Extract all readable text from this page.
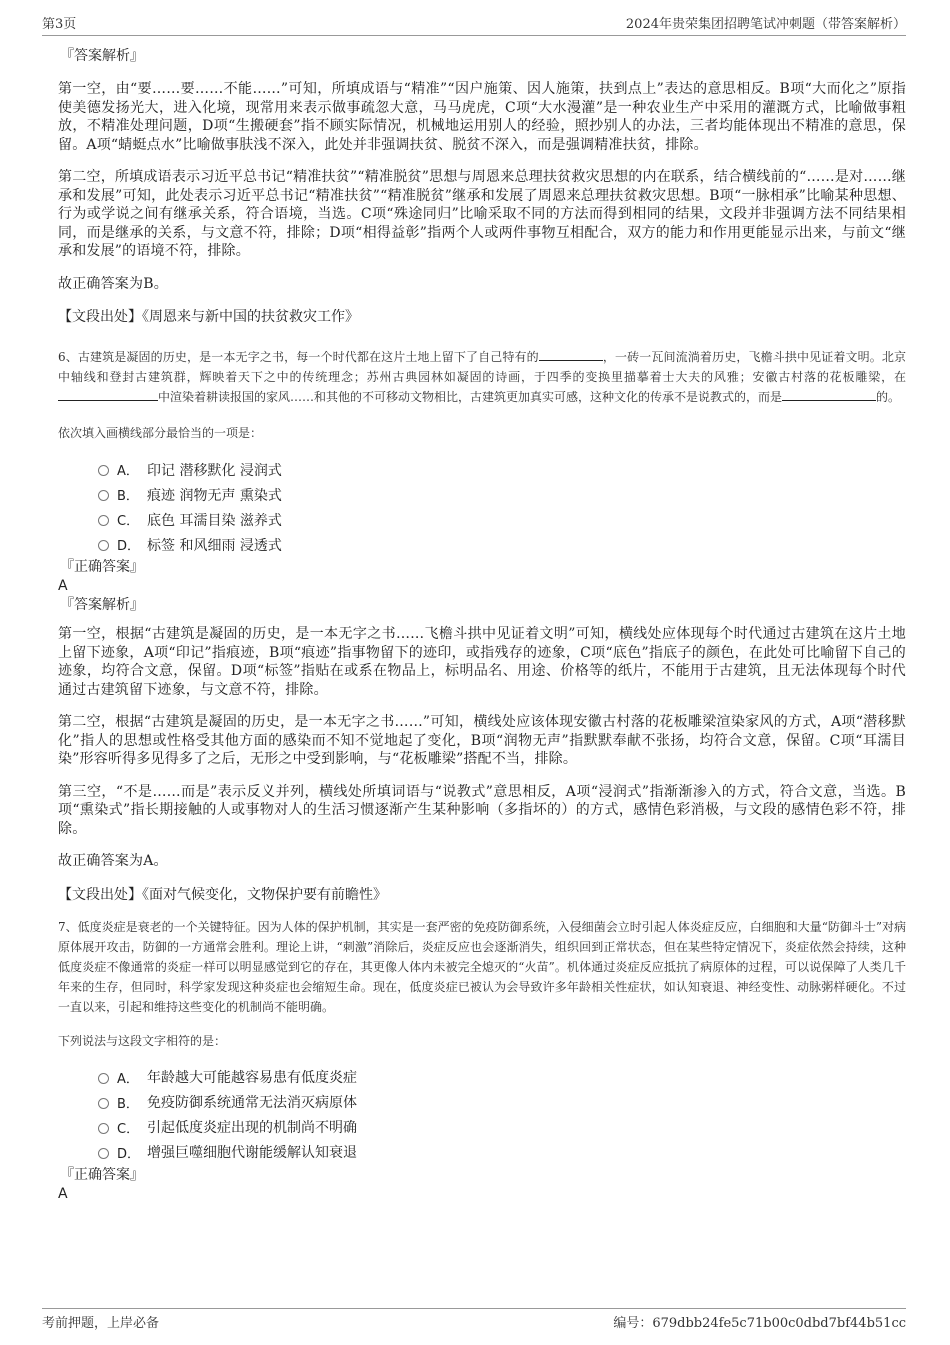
第3页	2024年贵荣集团招聘笔试冲刺题（带答案解析）

『答案解析』

第一空，由“要……要……不能……”可知，所填成语与“精准”“因户施策、因人施策，扶到点上”表达的意思相反。B项“大而化之”原指使美德发扬光大，进入化境，现常用来表示做事疏忽大意，马马虎虎，C项“大水漫灌”是一种农业生产中采用的灌溉方式，比喻做事粗放，不精准处理问题，D项“生搬硬套”指不顾实际情况，机械地运用别人的经验，照抄别人的办法，三者均能体现出不精准的意思，保留。A项“蜻蜓点水”比喻做事肤浅不深入，此处并非强调扶贫、脱贫不深入，而是强调精准扶贫，排除。

第二空，所填成语表示习近平总书记“精准扶贫”“精准脱贫”思想与周恩来总理扶贫救灾思想的内在联系，结合横线前的“……是对……继承和发展”可知，此处表示习近平总书记“精准扶贫”“精准脱贫”继承和发展了周恩来总理扶贫救灾思想。B项“一脉相承”比喻某种思想、行为或学说之间有继承关系，符合语境，当选。C项“殊途同归”比喻采取不同的方法而得到相同的结果，文段并非强调方法不同结果相同，而是继承的关系，与文意不符，排除；D项“相得益彰”指两个人或两件事物互相配合，双方的能力和作用更能显示出来，与前文“继承和发展”的语境不符，排除。

故正确答案为B。

【文段出处】《周恩来与新中国的扶贫救灾工作》

6、古建筑是凝固的历史，是一本无字之书，每一个时代都在这片土地上留下了自己特有的	，一砖一瓦间流淌着历史，飞檐斗拱中见证着文明。北京中轴线和登封古建筑群，辉映着天下之中的传统理念；苏州古典园林如凝固的诗画，于四季的变换里描摹着士大夫的风雅；安徽古村落的花板雕梁，在中渲染着耕读报国的家风……和其他的不可移动文物相比，古建筑更加真实可感，这种文化的传承不是说教式的，而是	的。

依次填入画横线部分最恰当的一项是：

A． 印记 潜移默化 浸润式
B． 痕迹 润物无声 熏染式
C． 底色 耳濡目染 滋养式
D． 标签 和风细雨 浸透式

『正确答案』

A

『答案解析』

第一空，根据“古建筑是凝固的历史，是一本无字之书……飞檐斗拱中见证着文明”可知，横线处应体现每个时代通过古建筑在这片土地上留下迹象，A项“印记”指痕迹，B项“痕迹”指事物留下的迹印，或指残存的迹象，C项“底色”指底子的颜色，在此处可比喻留下自己的迹象，均符合文意，保留。D项“标签”指贴在或系在物品上，标明品名、用途、价格等的纸片，不能用于古建筑，且无法体现每个时代通过古建筑留下迹象，与文意不符，排除。

第二空，根据“古建筑是凝固的历史，是一本无字之书……”可知，横线处应该体现安徽古村落的花板雕梁渲染家风的方式，A项“潜移默化”指人的思想或性格受其他方面的感染而不知不觉地起了变化，B项“润物无声”指默默奉献不张扬，均符合文意，保留。C项“耳濡目染”形容听得多见得多了之后，无形之中受到影响，与“花板雕梁”搭配不当，排除。

第三空，“不是……而是”表示反义并列，横线处所填词语与“说教式”意思相反，A项“浸润式”指渐渐渗入的方式，符合文意，当选。B项“熏染式”指长期接触的人或事物对人的生活习惯逐渐产生某种影响（多指坏的）的方式，感情色彩消极，与文段的感情色彩不符，排除。

故正确答案为A。

【文段出处】《面对气候变化，文物保护要有前瞻性》

7、低度炎症是衰老的一个关键特征。因为人体的保护机制，其实是一套严密的免疫防御系统，入侵细菌会立时引起人体炎症反应，白细胞和大量“防御斗士”对病原体展开攻击，防御的一方通常会胜利。理论上讲，“刺激”消除后，炎症反应也会逐渐消失，组织回到正常状态，但在某些特定情况下，炎症依然会持续，这种低度炎症不像通常的炎症一样可以明显感觉到它的存在，其更像人体内未被完全熄灭的“火苗”。机体通过炎症反应抵抗了病原体的过程，可以说保障了人类几千年来的生存，但同时，科学家发现这种炎症也会缩短生命。现在，低度炎症已被认为会导致许多年龄相关性症状，如认知衰退、神经变性、动脉粥样硬化。不过一直以来，引起和维持这些变化的机制尚不能明确。

下列说法与这段文字相符的是：

A． 年龄越大可能越容易患有低度炎症
B． 免疫防御系统通常无法消灭病原体
C． 引起低度炎症出现的机制尚不明确
D． 增强巨噬细胞代谢能缓解认知衰退

『正确答案』

A

考前押题，上岸必备	编号：679dbb24fe5c71b00c0dbd7bf44b51cc
